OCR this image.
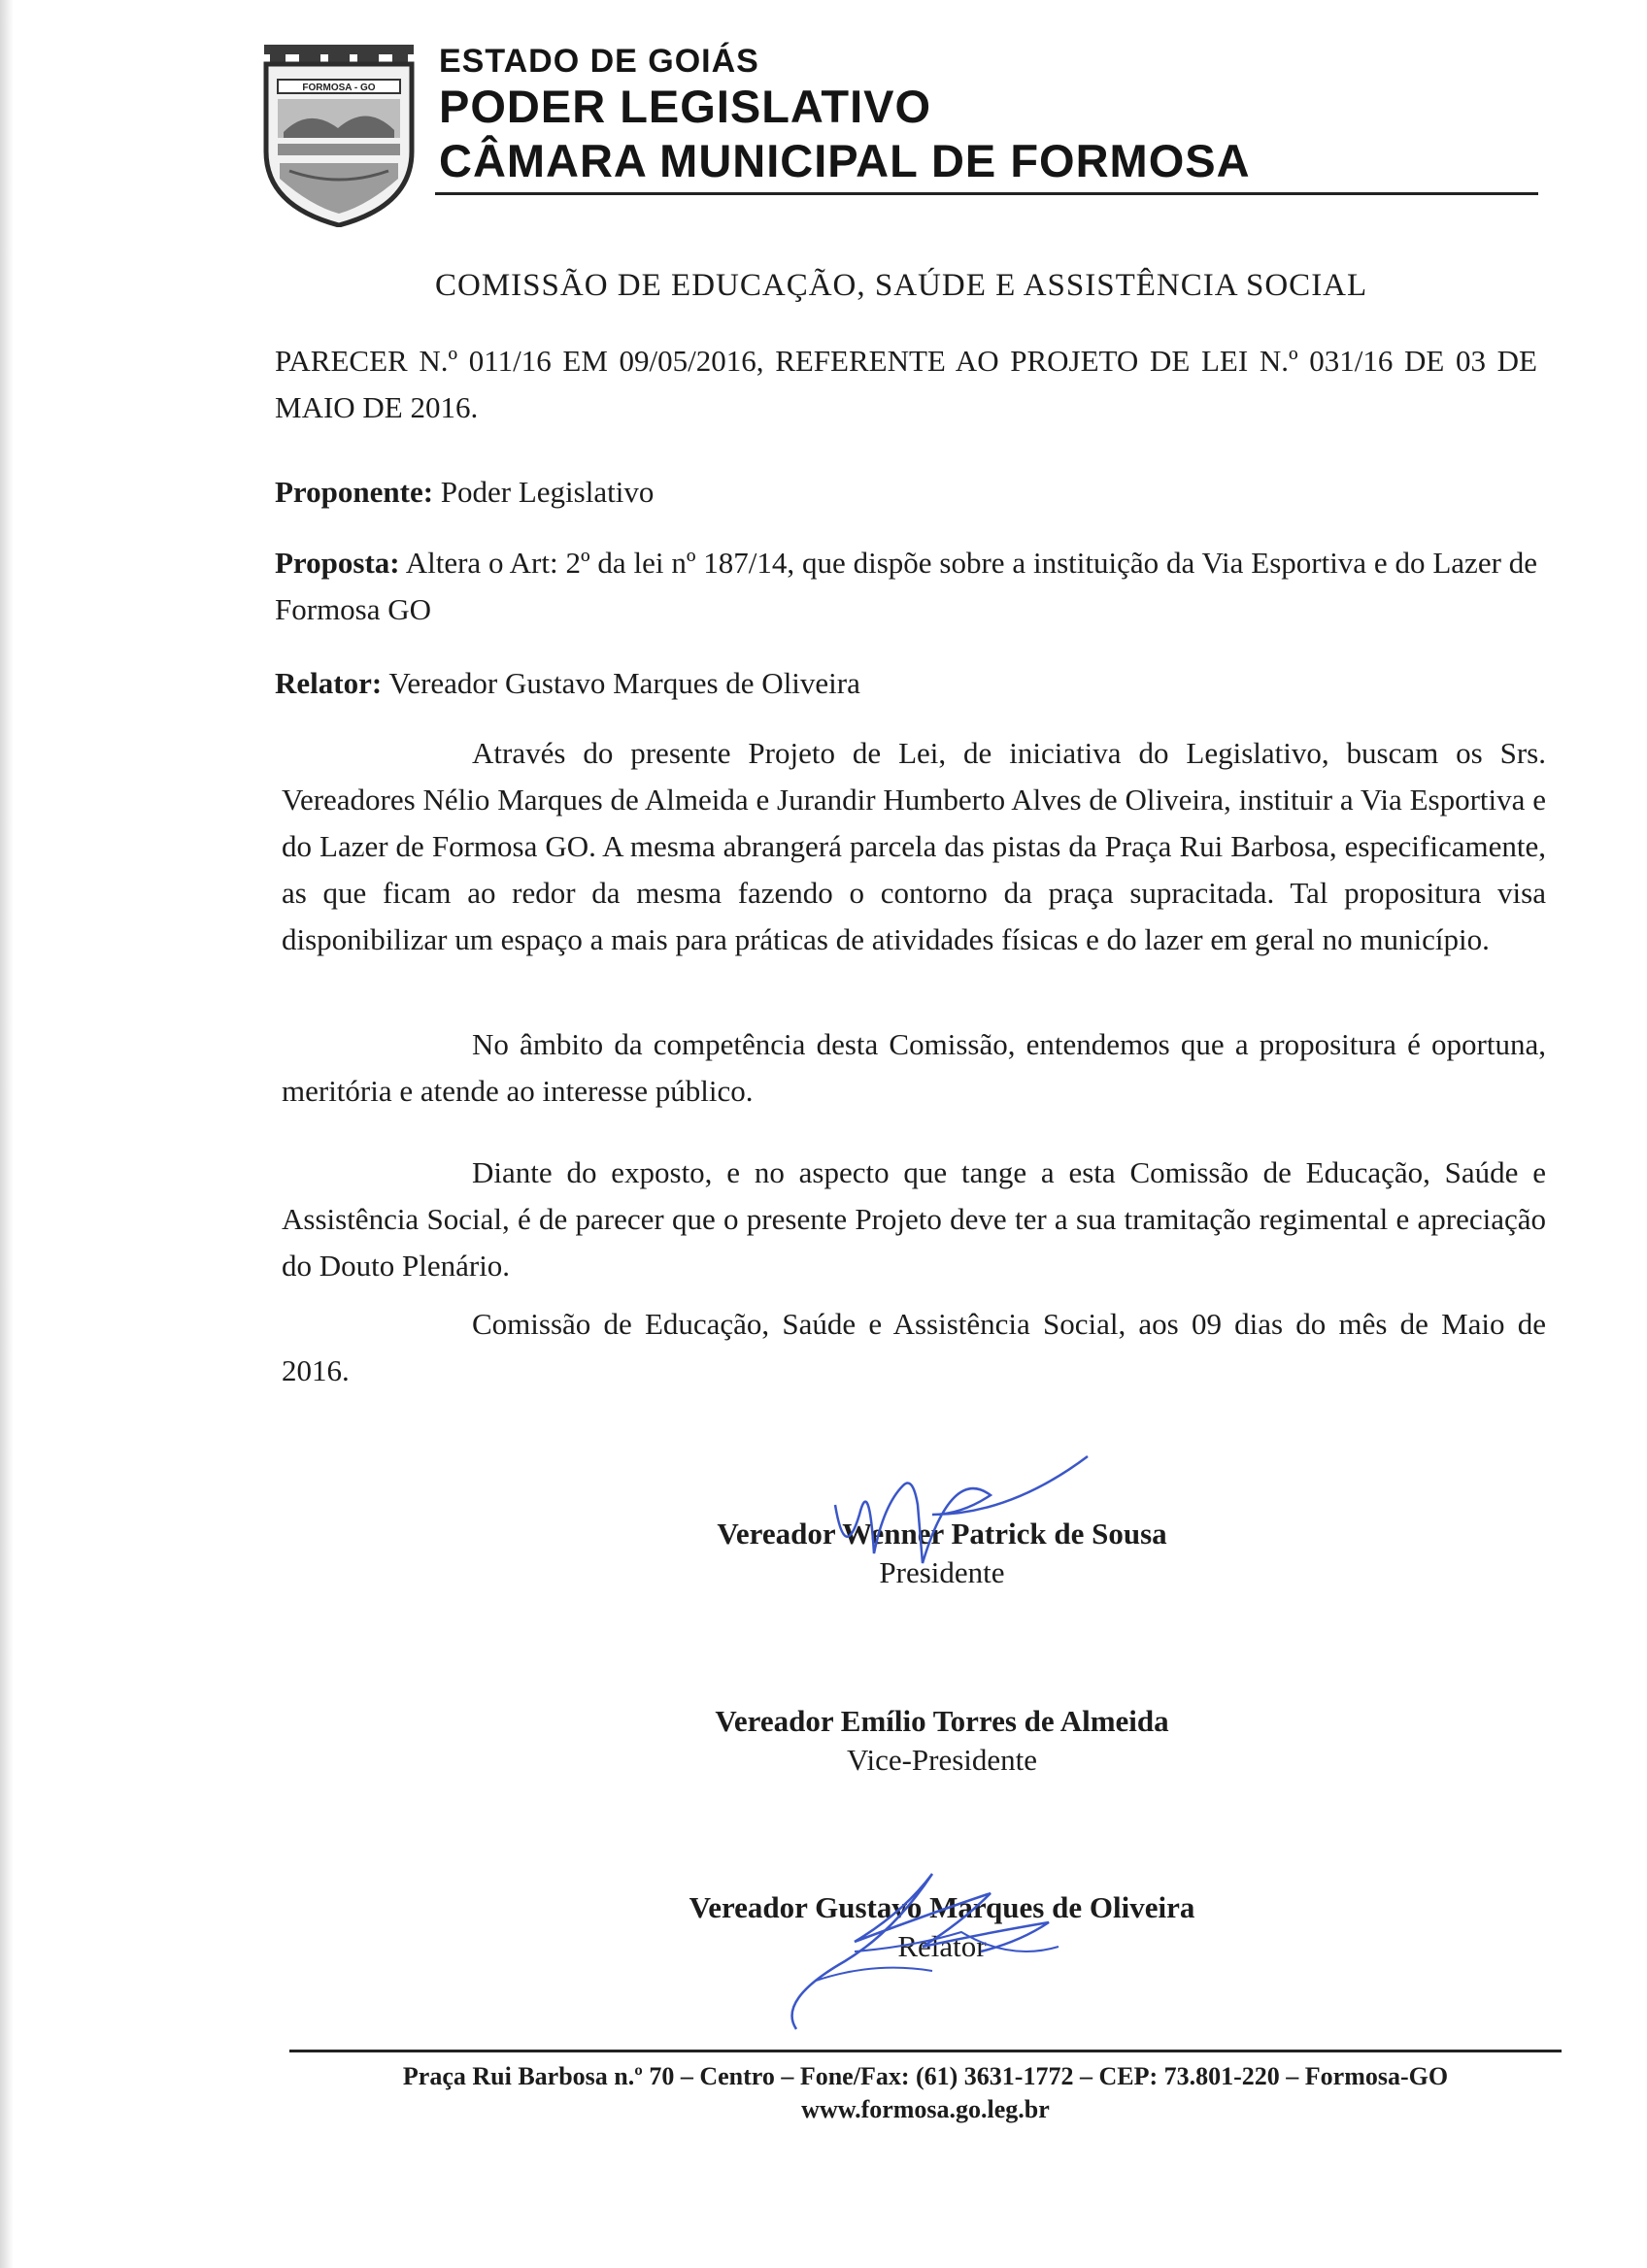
FORMOSA - GO
ESTADO DE GOIÁS
PODER LEGISLATIVO
CÂMARA MUNICIPAL DE FORMOSA
COMISSÃO DE EDUCAÇÃO, SAÚDE E ASSISTÊNCIA SOCIAL
PARECER N.º 011/16 EM 09/05/2016, REFERENTE AO PROJETO DE LEI N.º 031/16 DE 03 DE MAIO DE 2016.
Proponente: Poder Legislativo
Proposta: Altera o Art: 2º da lei nº 187/14, que dispõe sobre a instituição da Via Esportiva e do Lazer de Formosa GO
Relator: Vereador Gustavo Marques de Oliveira
Através do presente Projeto de Lei, de iniciativa do Legislativo, buscam os Srs. Vereadores Nélio Marques de Almeida e Jurandir Humberto Alves de Oliveira, instituir a Via Esportiva e do Lazer de Formosa GO. A mesma abrangerá parcela das pistas da Praça Rui Barbosa, especificamente, as que ficam ao redor da mesma fazendo o contorno da praça supracitada. Tal propositura visa disponibilizar um espaço a mais para práticas de atividades físicas e do lazer em geral no município.
No âmbito da competência desta Comissão, entendemos que a propositura é oportuna, meritória e atende ao interesse público.
Diante do exposto, e no aspecto que tange a esta Comissão de Educação, Saúde e Assistência Social, é de parecer que o presente Projeto deve ter a sua tramitação regimental e apreciação do Douto Plenário.
Comissão de Educação, Saúde e Assistência Social, aos 09 dias do mês de Maio de 2016.
Vereador Wenner Patrick de Sousa
Presidente
Vereador Emílio Torres de Almeida
Vice-Presidente
Vereador Gustavo Marques de Oliveira
Relator
Praça Rui Barbosa n.º 70 – Centro – Fone/Fax: (61) 3631-1772 – CEP: 73.801-220 – Formosa-GO
www.formosa.go.leg.br
